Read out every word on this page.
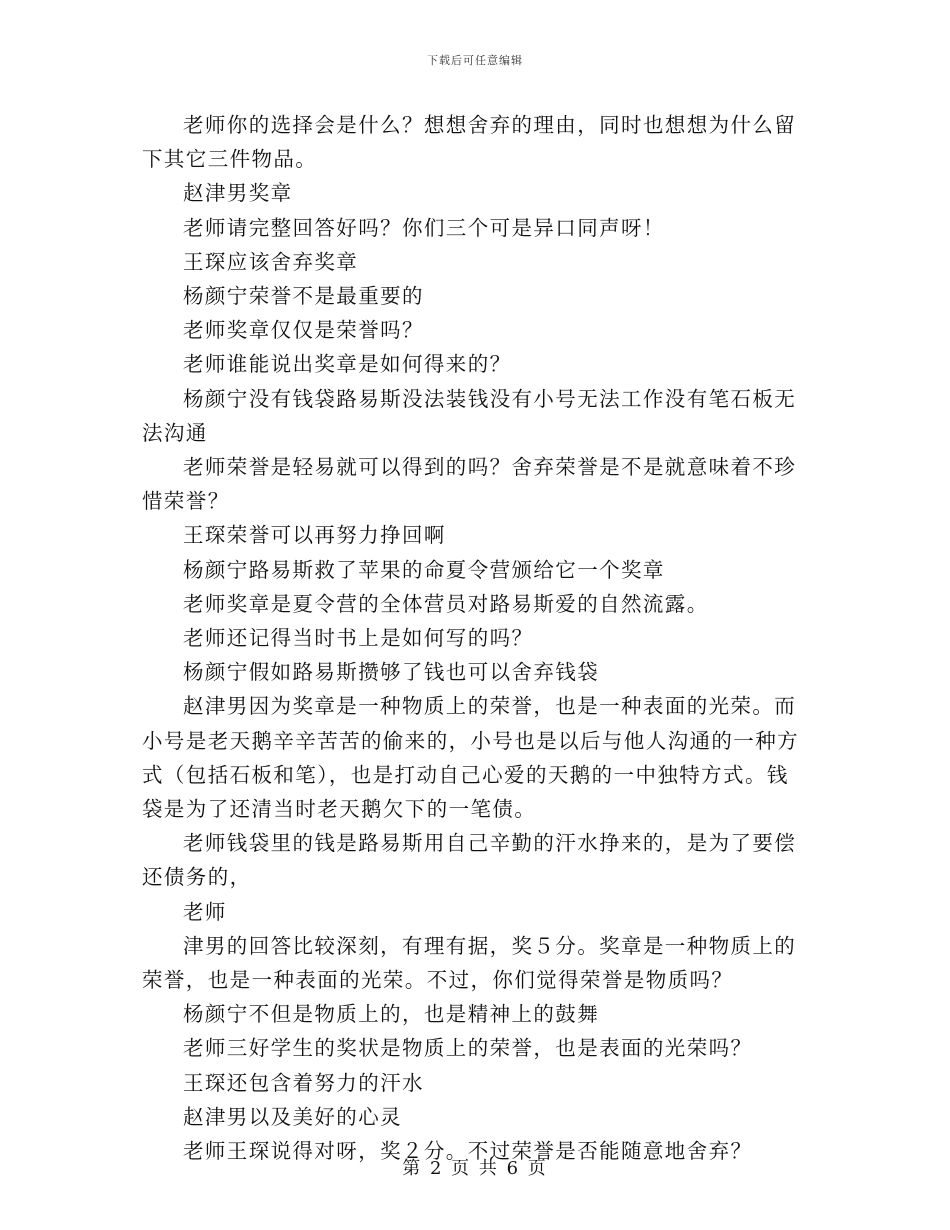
下载后可任意编辑

老师你的选择会是什么？想想舍弃的理由，同时也想想为什么留下其它三件物品。

赵津男奖章

老师请完整回答好吗？你们三个可是异口同声呀！

王琛应该舍弃奖章

杨颜宁荣誉不是最重要的

老师奖章仅仅是荣誉吗？

老师谁能说出奖章是如何得来的？

杨颜宁没有钱袋路易斯没法装钱没有小号无法工作没有笔石板无法沟通

老师荣誉是轻易就可以得到的吗？舍弃荣誉是不是就意味着不珍惜荣誉？

王琛荣誉可以再努力挣回啊

杨颜宁路易斯救了苹果的命夏令营颁给它一个奖章

老师奖章是夏令营的全体营员对路易斯爱的自然流露。

老师还记得当时书上是如何写的吗？

杨颜宁假如路易斯攒够了钱也可以舍弃钱袋

赵津男因为奖章是一种物质上的荣誉，也是一种表面的光荣。而小号是老天鹅辛辛苦苦的偷来的，小号也是以后与他人沟通的一种方式（包括石板和笔），也是打动自己心爱的天鹅的一中独特方式。钱袋是为了还清当时老天鹅欠下的一笔债。

老师钱袋里的钱是路易斯用自己辛勤的汗水挣来的，是为了要偿还债务的，

老师

津男的回答比较深刻，有理有据，奖５分。奖章是一种物质上的荣誉，也是一种表面的光荣。不过，你们觉得荣誉是物质吗？

杨颜宁不但是物质上的，也是精神上的鼓舞

老师三好学生的奖状是物质上的荣誉，也是表面的光荣吗？

王琛还包含着努力的汗水

赵津男以及美好的心灵

老师王琛说得对呀，奖２分。不过荣誉是否能随意地舍弃？

第 2 页 共 6 页
